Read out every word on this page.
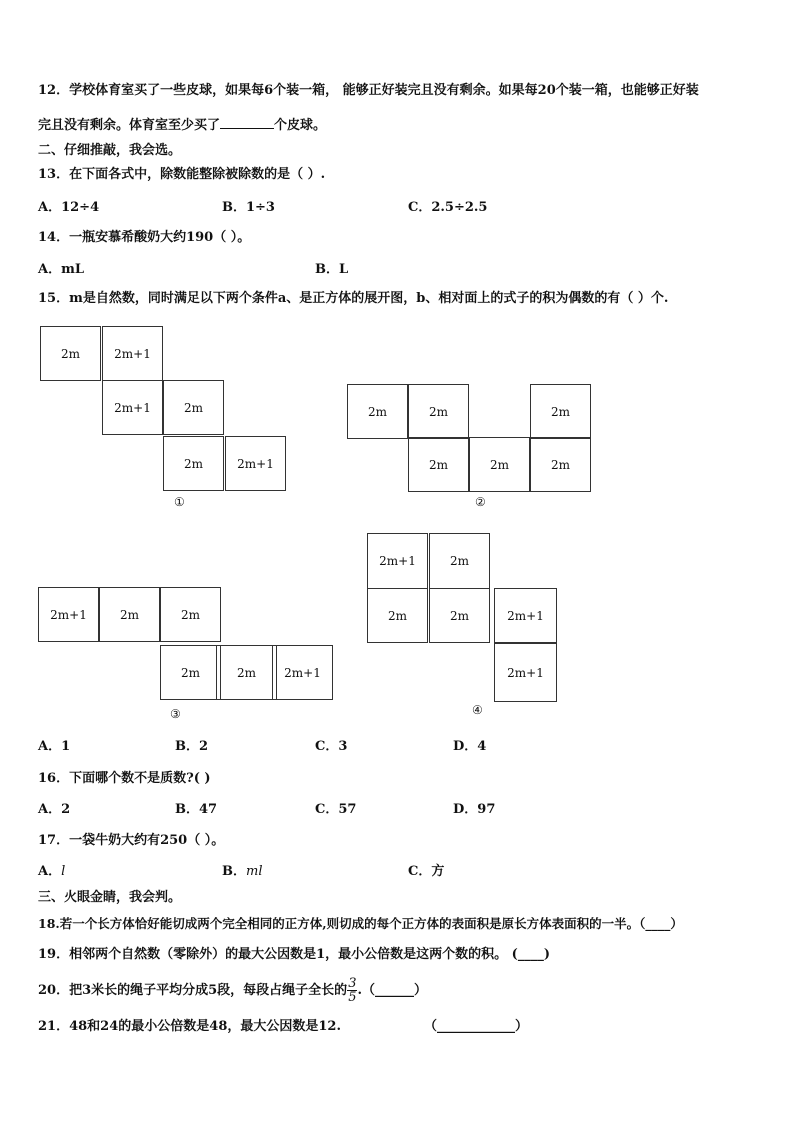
12．学校体育室买了一些皮球，如果每6个装一箱， 能够正好装完且没有剩余。如果每20个装一箱，也能够正好装
完且没有剩余。体育室至少买了	个皮球。
二、仔细推敲，我会选。
13．在下面各式中，除数能整除被除数的是（ ）.
A．12÷4	B．1÷3	C．2.5÷2.5
14．一瓶安慕希酸奶大约190（ ）。
A．mL	B．L
15．m是自然数，同时满足以下两个条件a、是正方体的展开图，b、相对面上的式子的积为偶数的有（ ）个.
2m	2m+1
2m+1	2m
2m	2m+1
①
2m	2m	2m
2m	2m	2m
②
2m+1	2m	2m
2m	2m	2m+1
③
2m+1	2m
2m	2m	2m+1
2m+1
④
A．1	B．2	C．3	D．4
16．下面哪个数不是质数?( )
A．2	B．47	C．57	D．97
17．一袋牛奶大约有250（ ）。
A．l	B．ml	C．方
三、火眼金睛，我会判。
18.若一个长方体恰好能切成两个完全相同的正方体,则切成的每个正方体的表面积是原长方体表面积的一半。（____）
19．相邻两个自然数（零除外）的最大公因数是1，最小公倍数是这两个数的积。 (____)
20．把3米长的绳子平均分成5段，每段占绳子全长的 $\frac{3}{5}$ .（______）
21．48和24的最小公倍数是48，最大公因数是12.	（____________）
